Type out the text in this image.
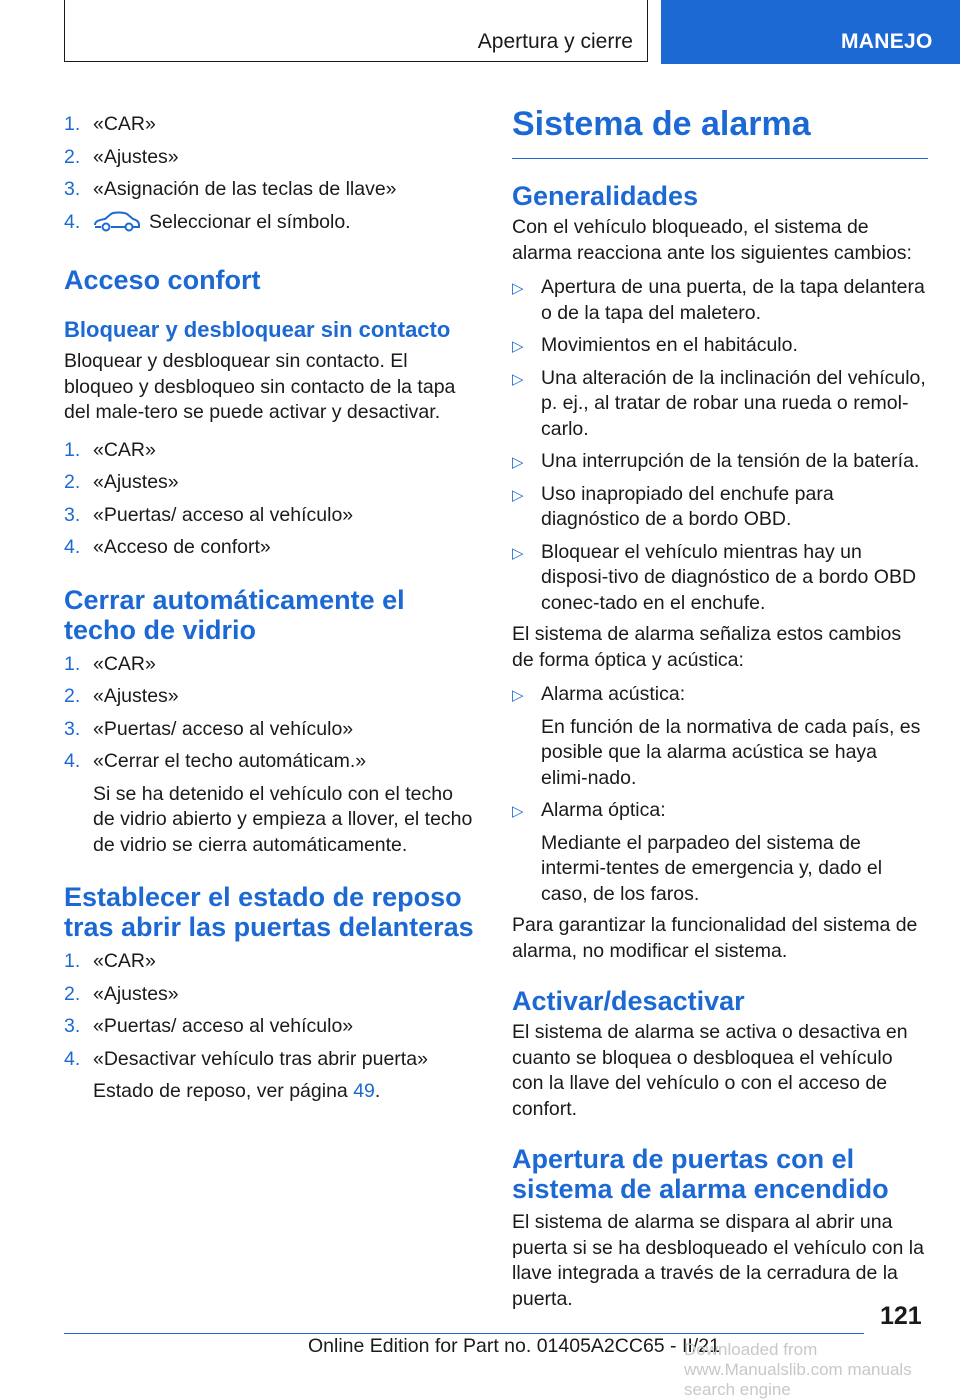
Apertura y cierre	MANEJO
1. «CAR»
2. «Ajustes»
3. «Asignación de las teclas de llave»
4.	Seleccionar el símbolo.
Acceso confort
Bloquear y desbloquear sin contacto

Bloquear y desbloquear sin contacto. El bloqueo y desbloqueo sin contacto de la tapa del male-tero se puede activar y desactivar.

1. «CAR»
2. «Ajustes»
3. «Puertas/ acceso al vehículo»
4. «Acceso de confort»
Cerrar automáticamente el techo de vidrio
1. «CAR»
2. «Ajustes»
3. «Puertas/ acceso al vehículo»
4. «Cerrar el techo automáticam.»
Si se ha detenido el vehículo con el techo de vidrio abierto y empieza a llover, el techo de vidrio se cierra automáticamente.
Establecer el estado de reposo tras abrir las puertas delanteras
1. «CAR»
2. «Ajustes»
3. «Puertas/ acceso al vehículo»
4. «Desactivar vehículo tras abrir puerta»
Estado de reposo, ver página 49.
Sistema de alarma
Generalidades

Con el vehículo bloqueado, el sistema de alarma reacciona ante los siguientes cambios:

▷ Apertura de una puerta, de la tapa delantera o de la tapa del maletero.
▷ Movimientos en el habitáculo.
▷ Una alteración de la inclinación del vehículo, p. ej., al tratar de robar una rueda o remol-carlo.
▷ Una interrupción de la tensión de la batería.
▷ Uso inapropiado del enchufe para diagnóstico de a bordo OBD.
▷ Bloquear el vehículo mientras hay un disposi-tivo de diagnóstico de a bordo OBD conec-tado en el enchufe.

El sistema de alarma señaliza estos cambios de forma óptica y acústica:

▷ Alarma acústica:
En función de la normativa de cada país, es posible que la alarma acústica se haya elimi-nado.
▷ Alarma óptica:
Mediante el parpadeo del sistema de intermi-tentes de emergencia y, dado el caso, de los faros.

Para garantizar la funcionalidad del sistema de alarma, no modificar el sistema.

Activar/desactivar

El sistema de alarma se activa o desactiva en cuanto se bloquea o desbloquea el vehículo con la llave del vehículo o con el acceso de confort.

Apertura de puertas con el sistema de alarma encendido

El sistema de alarma se dispara al abrir una puerta si se ha desbloqueado el vehículo con la llave integrada a través de la cerradura de la puerta.

121
Online Edition for Part no. 01405A2CC65 - II/21
Downloaded from www.Manualslib.com manuals search engine
